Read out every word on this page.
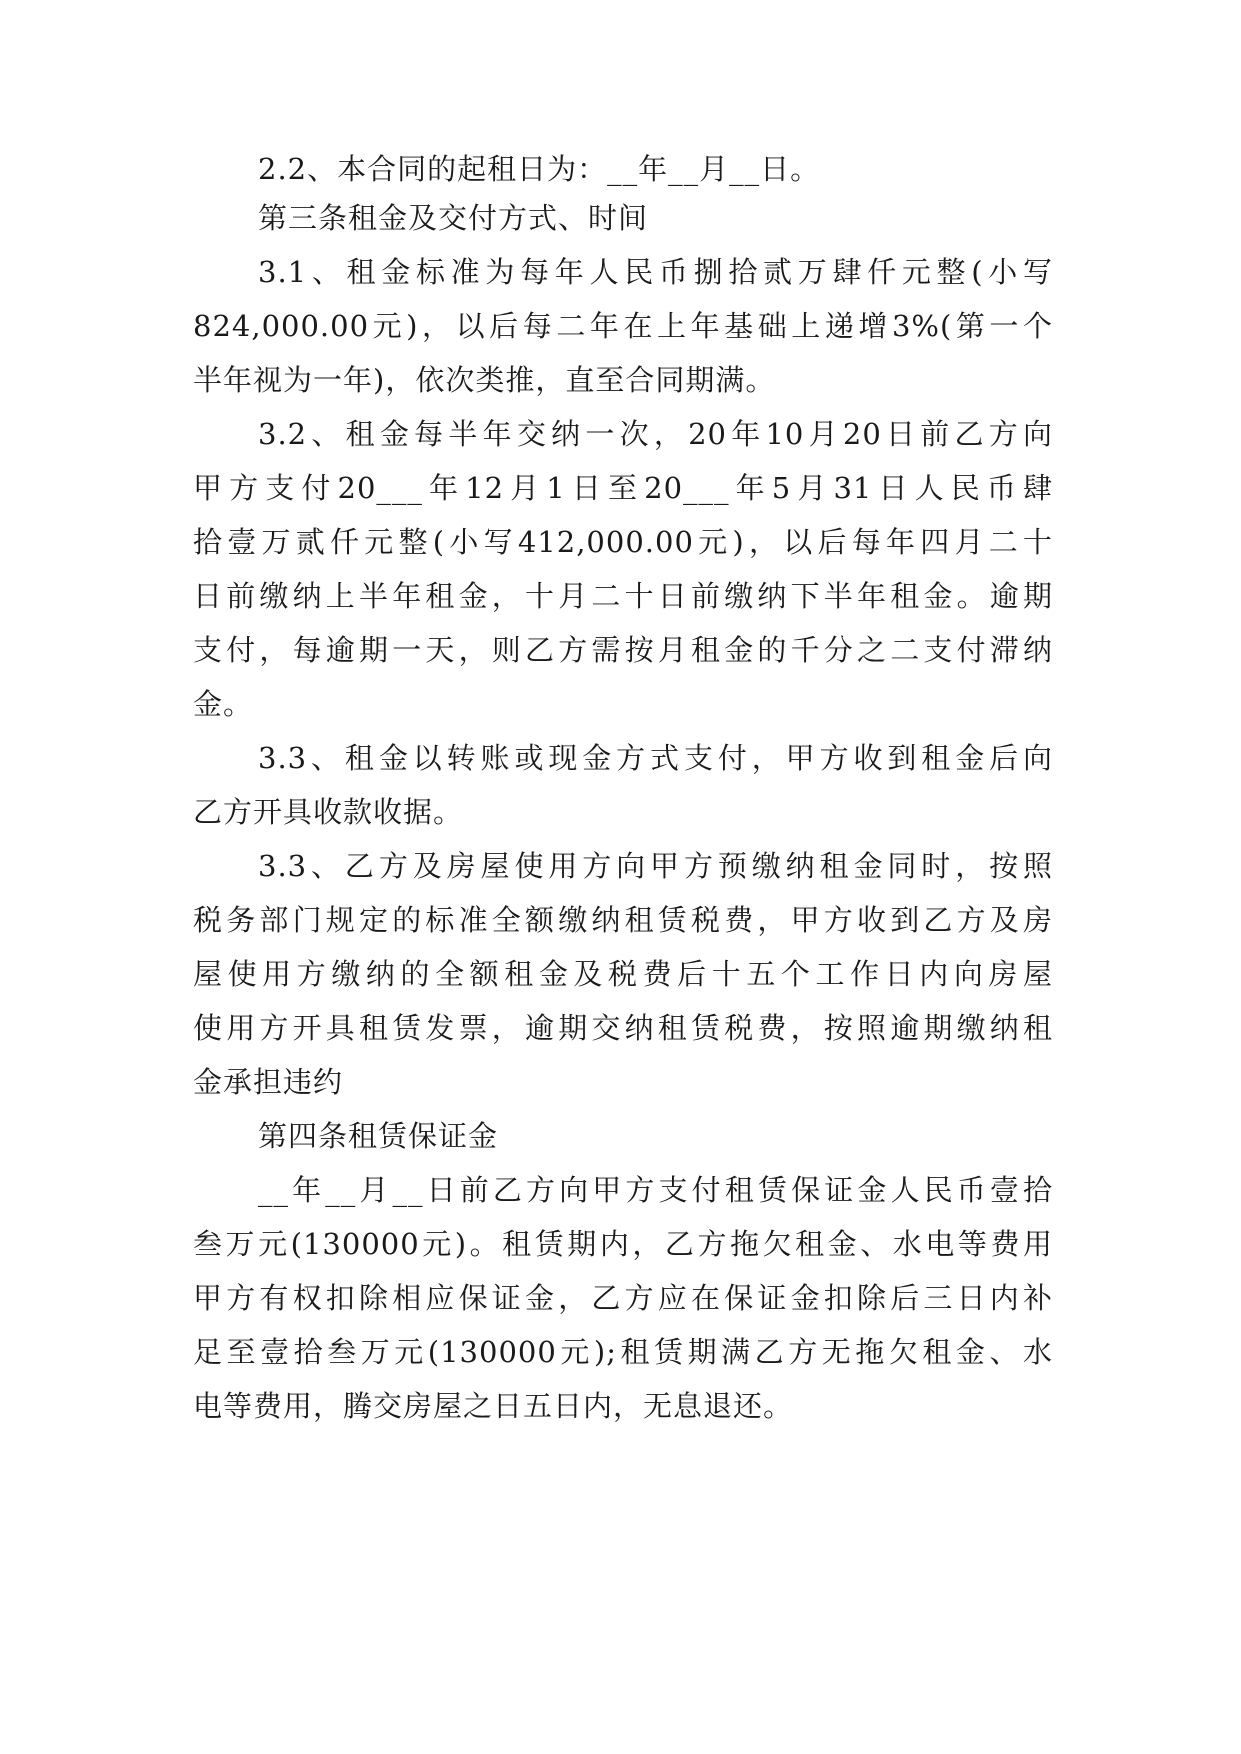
2.2、本合同的起租日为：__年__月__日。
第三条租金及交付方式、时间
3.1、租金标准为每年人民币捌拾贰万肆仟元整(小写
824,000.00元)，以后每二年在上年基础上递增3%(第一个
半年视为一年)，依次类推，直至合同期满。
3.2、租金每半年交纳一次，20年10月20日前乙方向
甲方支付20___年12月1日至20___年5月31日人民币肆
拾壹万贰仟元整(小写412,000.00元)，以后每年四月二十
日前缴纳上半年租金，十月二十日前缴纳下半年租金。逾期
支付，每逾期一天，则乙方需按月租金的千分之二支付滞纳
金。
3.3、租金以转账或现金方式支付，甲方收到租金后向
乙方开具收款收据。
3.3、乙方及房屋使用方向甲方预缴纳租金同时，按照
税务部门规定的标准全额缴纳租赁税费，甲方收到乙方及房
屋使用方缴纳的全额租金及税费后十五个工作日内向房屋
使用方开具租赁发票，逾期交纳租赁税费，按照逾期缴纳租
金承担违约
第四条租赁保证金
__年__月__日前乙方向甲方支付租赁保证金人民币壹拾
叁万元(130000元)。租赁期内，乙方拖欠租金、水电等费用
甲方有权扣除相应保证金，乙方应在保证金扣除后三日内补
足至壹拾叁万元(130000元);租赁期满乙方无拖欠租金、水
电等费用，腾交房屋之日五日内，无息退还。
